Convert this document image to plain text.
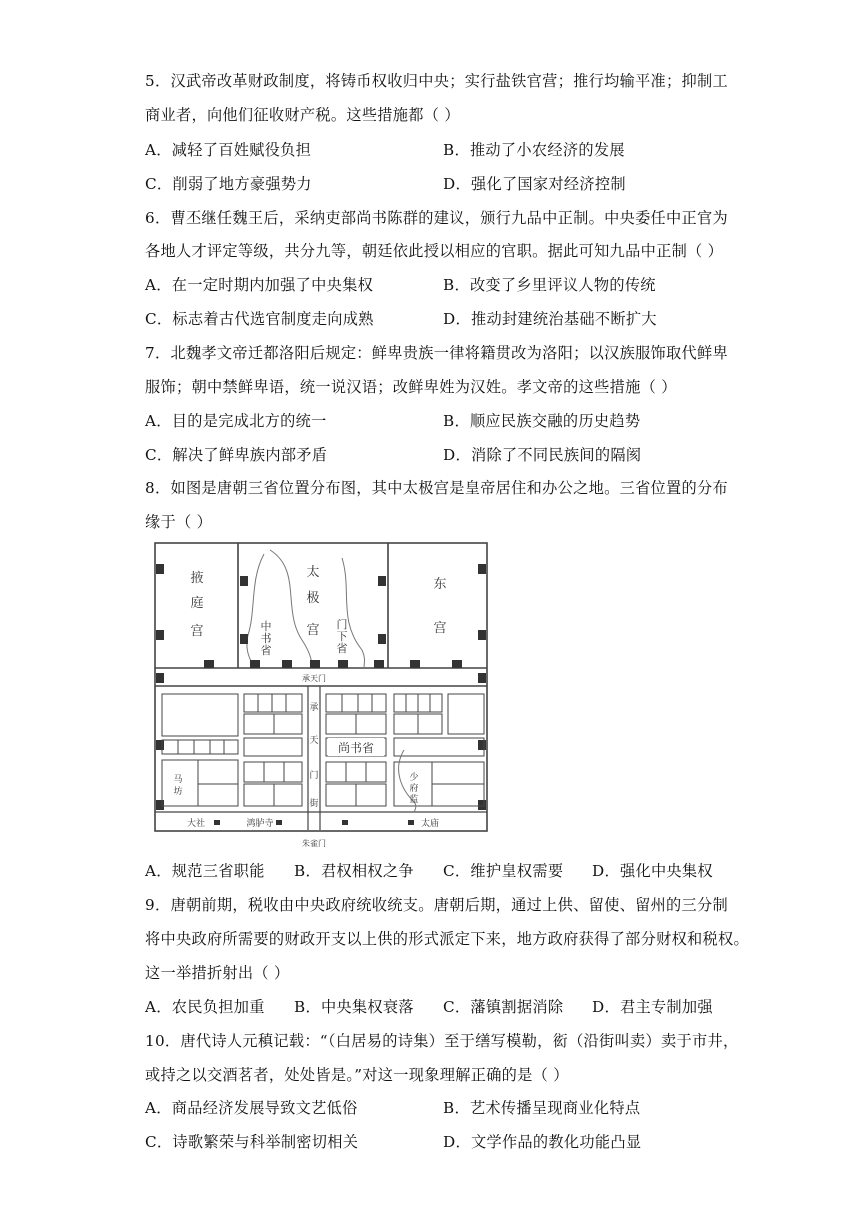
5．汉武帝改革财政制度，将铸币权收归中央；实行盐铁官营；推行均输平准；抑制工
商业者，向他们征收财产税。这些措施都（ ）
A．减轻了百姓赋役负担	B．推动了小农经济的发展
C．削弱了地方豪强势力	D．强化了国家对经济控制
6．曹丕继任魏王后，采纳吏部尚书陈群的建议，颁行九品中正制。中央委任中正官为
各地人才评定等级，共分九等，朝廷依此授以相应的官职。据此可知九品中正制（ ）
A．在一定时期内加强了中央集权	B．改变了乡里评议人物的传统
C．标志着古代选官制度走向成熟	D．推动封建统治基础不断扩大
7．北魏孝文帝迁都洛阳后规定：鲜卑贵族一律将籍贯改为洛阳；以汉族服饰取代鲜卑
服饰；朝中禁鲜卑语，统一说汉语；改鲜卑姓为汉姓。孝文帝的这些措施（ ）
A．目的是完成北方的统一	B．顺应民族交融的历史趋势
C．解决了鲜卑族内部矛盾	D．消除了不同民族间的隔阂
8．如图是唐朝三省位置分布图，其中太极宫是皇帝居住和办公之地。三省位置的分布
缘于（ ）
掖
庭
宫
太
极
宫
东
宫
中
书
省
门
下
省
承天门
承
天
门
街
尚书省
马
坊
少
府
监
大社	鸿胪寺	太庙
朱雀门
A．规范三省职能 B．君权相权之争 C．维护皇权需要 D．强化中央集权
9．唐朝前期，税收由中央政府统收统支。唐朝后期，通过上供、留使、留州的三分制
将中央政府所需要的财政开支以上供的形式派定下来，地方政府获得了部分财权和税权。
这一举措折射出（ ）
A．农民负担加重 B．中央集权衰落 C．藩镇割据消除 D．君主专制加强
10．唐代诗人元稹记载：“（白居易的诗集）至于缮写模勒，衒（沿街叫卖）卖于市井，
或持之以交酒茗者，处处皆是。”对这一现象理解正确的是（ ）
A．商品经济发展导致文艺低俗	B．艺术传播呈现商业化特点
C．诗歌繁荣与科举制密切相关	D．文学作品的教化功能凸显
